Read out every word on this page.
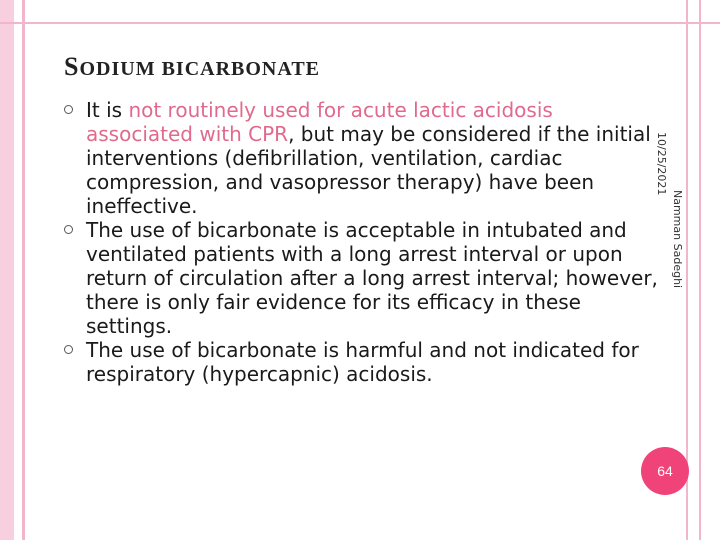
SODIUM BICARBONATE
It is not routinely used for acute lactic acidosis associated with CPR, but may be considered if the initial interventions (defibrillation, ventilation, cardiac compression, and vasopressor therapy) have been ineffective.
The use of bicarbonate is acceptable in intubated and ventilated patients with a long arrest interval or upon return of circulation after a long arrest interval; however, there is only fair evidence for its efficacy in these settings.
The use of bicarbonate is harmful and not indicated for respiratory (hypercapnic) acidosis.
10/25/2021
Namman Sadeghi
64
